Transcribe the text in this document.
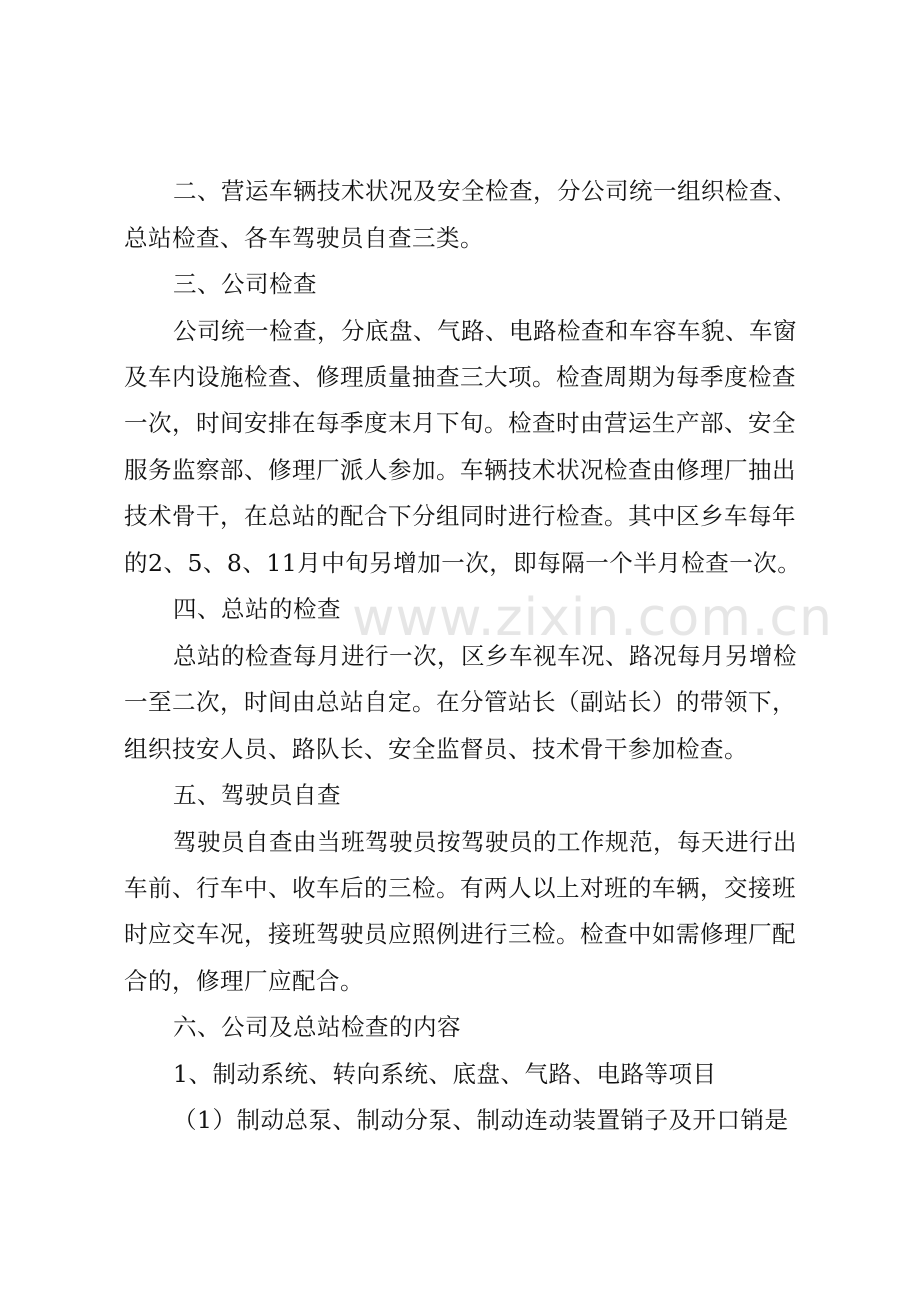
www.zixin.com.cn
二、营运车辆技术状况及安全检查，分公司统一组织检查、
总站检查、各车驾驶员自查三类。
三、公司检查
公司统一检查，分底盘、气路、电路检查和车容车貌、车窗
及车内设施检查、修理质量抽查三大项。检查周期为每季度检查
一次，时间安排在每季度末月下旬。检查时由营运生产部、安全
服务监察部、修理厂派人参加。车辆技术状况检查由修理厂抽出
技术骨干，在总站的配合下分组同时进行检查。其中区乡车每年
的2、5、8、11月中旬另增加一次，即每隔一个半月检查一次。
四、总站的检查
总站的检查每月进行一次，区乡车视车况、路况每月另增检
一至二次，时间由总站自定。在分管站长（副站长）的带领下，
组织技安人员、路队长、安全监督员、技术骨干参加检查。
五、驾驶员自查
驾驶员自查由当班驾驶员按驾驶员的工作规范，每天进行出
车前、行车中、收车后的三检。有两人以上对班的车辆，交接班
时应交车况，接班驾驶员应照例进行三检。检查中如需修理厂配
合的，修理厂应配合。
六、公司及总站检查的内容
1、制动系统、转向系统、底盘、气路、电路等项目
（1）制动总泵、制动分泵、制动连动装置销子及开口销是
